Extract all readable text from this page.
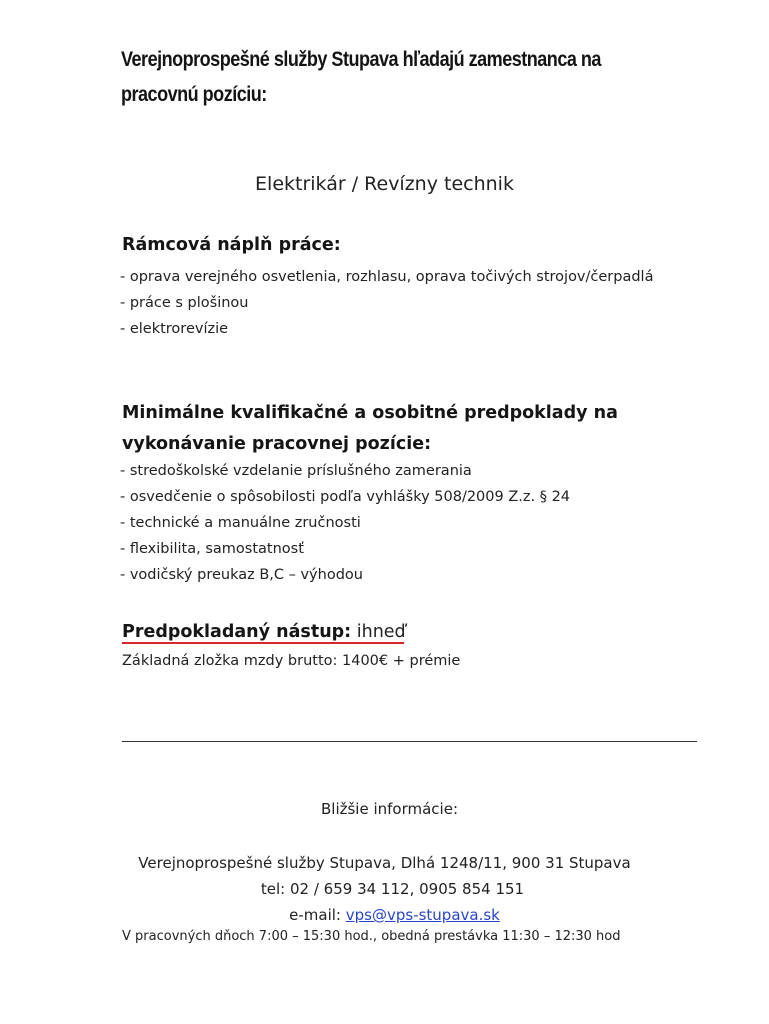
Verejnoprospešné služby Stupava hľadajú zamestnanca na pracovnú pozíciu:
Elektrikár / Revízny technik
Rámcová náplň práce:
- oprava verejného osvetlenia, rozhlasu, oprava točivých strojov/čerpadlá
- práce s plošinou
- elektrorevízie
Minimálne kvalifikačné a osobitné predpoklady na
vykonávanie pracovnej pozície:
- stredoškolské vzdelanie príslušného zamerania
- osvedčenie o spôsobilosti podľa vyhlášky 508/2009 Z.z. § 24
- technické a manuálne zručnosti
- flexibilita, samostatnosť
- vodičský preukaz B,C – výhodou
Predpokladaný nástup: ihneď
Základná zložka mzdy brutto: 1400€ + prémie
Bližšie informácie:
Verejnoprospešné služby Stupava, Dlhá 1248/11, 900 31 Stupava
tel: 02 / 659 34 112, 0905 854 151
e-mail: vps@vps-stupava.sk
V pracovných dňoch 7:00 – 15:30 hod., obedná prestávka 11:30 – 12:30 hod
